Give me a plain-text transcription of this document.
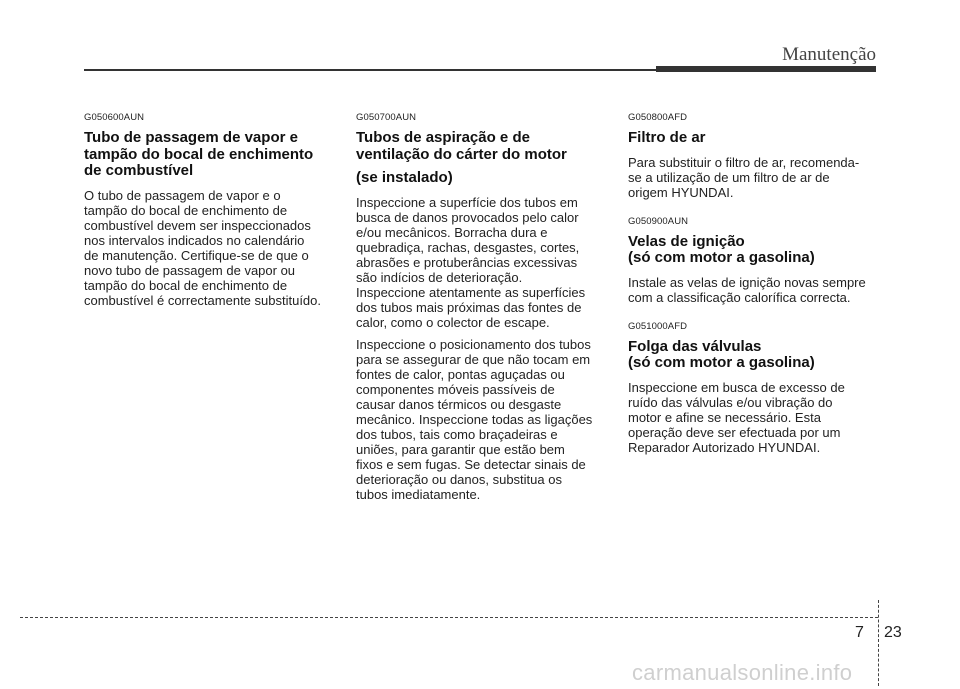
Manutenção
G050600AUN
Tubo de passagem de vapor e
tampão do bocal de enchimento
de combustível
O tubo de passagem de vapor e o
tampão do bocal de enchimento de
combustível devem ser inspeccionados
nos intervalos indicados no calendário
de manutenção. Certifique-se de que o
novo tubo de passagem de vapor ou
tampão do bocal de enchimento de
combustível é correctamente substituído.
G050700AUN
Tubos de aspiração e de
ventilação do cárter do motor
(se instalado)
Inspeccione a superfície dos tubos em
busca de danos provocados pelo calor
e/ou mecânicos. Borracha dura e
quebradiça, rachas, desgastes, cortes,
abrasões e protuberâncias excessivas
são indícios de deterioração.
Inspeccione atentamente as superfícies
dos tubos mais próximas das fontes de
calor, como o colector de escape.
Inspeccione o posicionamento dos tubos
para se assegurar de que não tocam em
fontes de calor, pontas aguçadas ou
componentes móveis passíveis de
causar danos térmicos ou desgaste
mecânico. Inspeccione todas as ligações
dos tubos, tais como braçadeiras e
uniões, para garantir que estão bem
fixos e sem fugas. Se detectar sinais de
deterioração ou danos, substitua os
tubos imediatamente.
G050800AFD
Filtro de ar
Para substituir o filtro de ar, recomenda-
se a utilização de um filtro de ar de
origem HYUNDAI.
G050900AUN
Velas de ignição
(só com motor a gasolina)
Instale as velas de ignição novas sempre
com a classificação calorífica correcta.
G051000AFD
Folga das válvulas
(só com motor a gasolina)
Inspeccione em busca de excesso de
ruído das válvulas e/ou vibração do
motor e afine se necessário. Esta
operação deve ser efectuada por um
Reparador Autorizado HYUNDAI.
7 23
carmanualsonline.info
